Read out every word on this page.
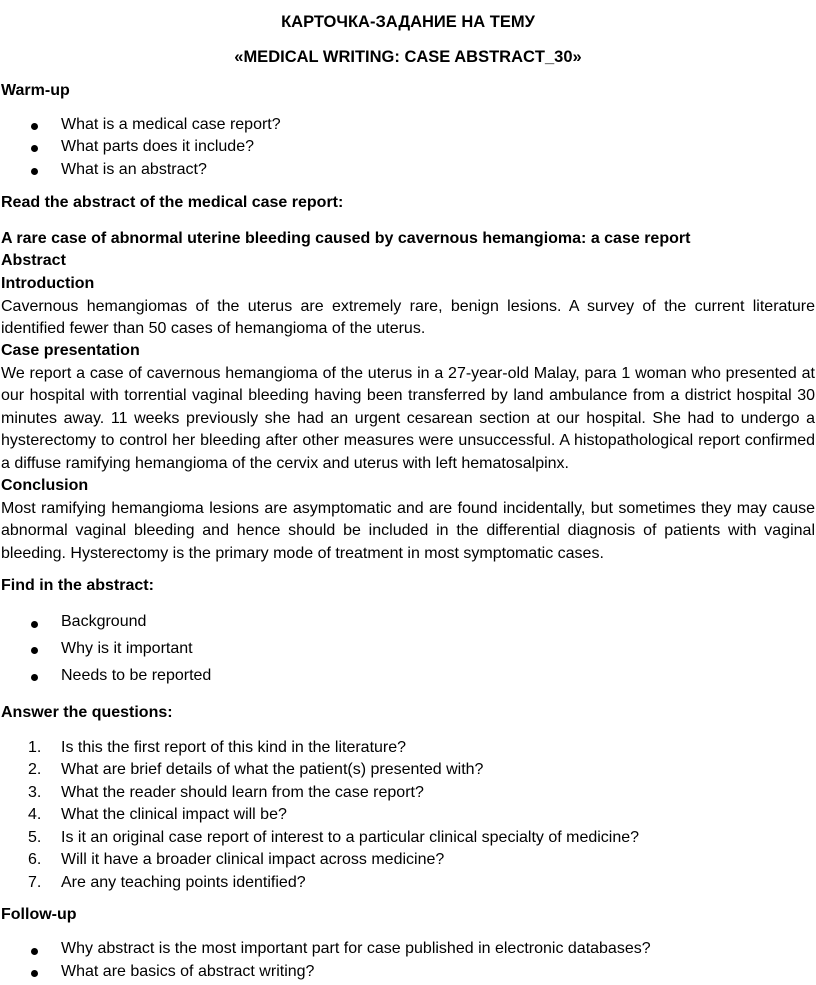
КАРТОЧКА-ЗАДАНИЕ НА ТЕМУ
«MEDICAL WRITING: CASE ABSTRACT_30»
Warm-up
What is a medical case report?
What parts does it include?
What is an abstract?
Read the abstract of the medical case report:
A rare case of abnormal uterine bleeding caused by cavernous hemangioma: a case report
Abstract
Introduction
Cavernous hemangiomas of the uterus are extremely rare, benign lesions. A survey of the current literature identified fewer than 50 cases of hemangioma of the uterus.
Case presentation
We report a case of cavernous hemangioma of the uterus in a 27-year-old Malay, para 1 woman who presented at our hospital with torrential vaginal bleeding having been transferred by land ambulance from a district hospital 30 minutes away. 11 weeks previously she had an urgent cesarean section at our hospital. She had to undergo a hysterectomy to control her bleeding after other measures were unsuccessful. A histopathological report confirmed a diffuse ramifying hemangioma of the cervix and uterus with left hematosalpinx.
Conclusion
Most ramifying hemangioma lesions are asymptomatic and are found incidentally, but sometimes they may cause abnormal vaginal bleeding and hence should be included in the differential diagnosis of patients with vaginal bleeding. Hysterectomy is the primary mode of treatment in most symptomatic cases.
Find in the abstract:
Background
Why is it important
Needs to be reported
Answer the questions:
1.	Is this the first report of this kind in the literature?
2.	What are brief details of what the patient(s) presented with?
3.	What the reader should learn from the case report?
4.	What the clinical impact will be?
5.	Is it an original case report of interest to a particular clinical specialty of medicine?
6.	Will it have a broader clinical impact across medicine?
7.	Are any teaching points identified?
Follow-up
Why abstract is the most important part for case published in electronic databases?
What are basics of abstract writing?
